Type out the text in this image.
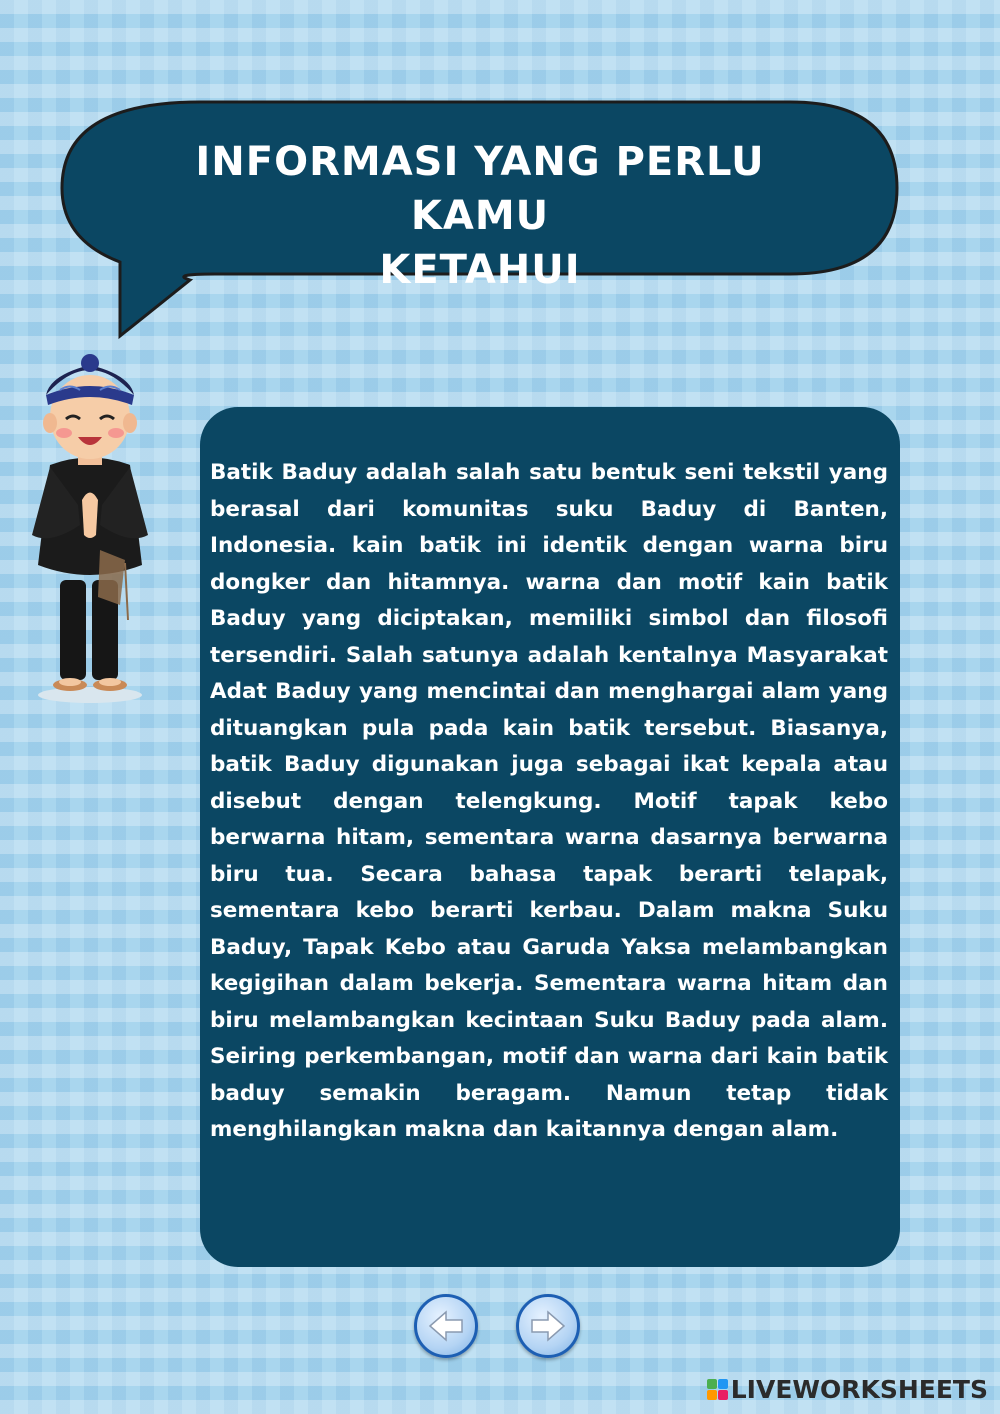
INFORMASI YANG PERLU KAMU
KETAHUI

Batik Baduy adalah salah satu bentuk seni tekstil yang berasal dari komunitas suku Baduy di Banten, Indonesia. kain batik ini identik dengan warna biru dongker dan hitamnya. warna dan motif kain batik Baduy yang diciptakan, memiliki simbol dan filosofi tersendiri. Salah satunya adalah kentalnya Masyarakat Adat Baduy yang mencintai dan menghargai alam yang dituangkan pula pada kain batik tersebut. Biasanya, batik Baduy digunakan juga sebagai ikat kepala atau disebut dengan telengkung. Motif tapak kebo berwarna hitam, sementara warna dasarnya berwarna biru tua. Secara bahasa tapak berarti telapak, sementara kebo berarti kerbau. Dalam makna Suku Baduy, Tapak Kebo atau Garuda Yaksa melambangkan kegigihan dalam bekerja. Sementara warna hitam dan biru melambangkan kecintaan Suku Baduy pada alam. Seiring perkembangan, motif dan warna dari kain batik baduy semakin beragam. Namun tetap tidak menghilangkan makna dan kaitannya dengan alam.

LIVEWORKSHEETS
